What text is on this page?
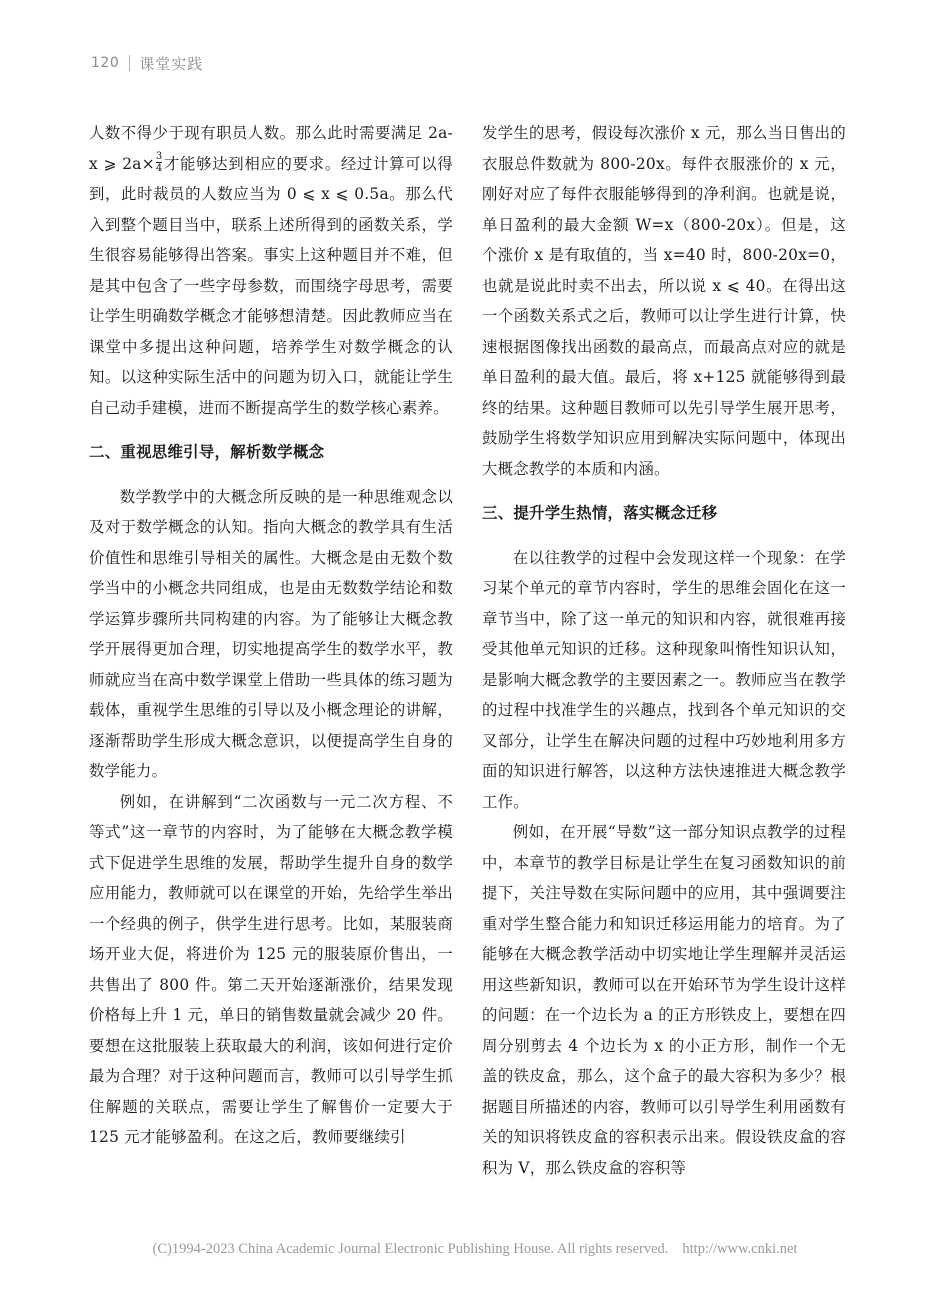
120 课堂实践

人数不得少于现有职员人数。那么此时需要满足 2a-x ⩾ $2a\times \frac{3}{4}$ 才能够达到相应的要求。经过计算可以得到，此时裁员的人数应当为 0 ⩽ x ⩽ 0.5a。那么代入到整个题目当中，联系上述所得到的函数关系，学生很容易能够得出答案。事实上这种题目并不难，但是其中包含了一些字母参数，而围绕字母思考，需要让学生明确数学概念才能够想清楚。因此教师应当在课堂中多提出这种问题，培养学生对数学概念的认知。以这种实际生活中的问题为切入口，就能让学生自己动手建模，进而不断提高学生的数学核心素养。

二、重视思维引导，解析数学概念

数学教学中的大概念所反映的是一种思维观念以及对于数学概念的认知。指向大概念的教学具有生活价值性和思维引导相关的属性。大概念是由无数个数学当中的小概念共同组成，也是由无数数学结论和数学运算步骤所共同构建的内容。为了能够让大概念教学开展得更加合理，切实地提高学生的数学水平，教师就应当在高中数学课堂上借助一些具体的练习题为载体，重视学生思维的引导以及小概念理论的讲解，逐渐帮助学生形成大概念意识，以便提高学生自身的数学能力。

例如，在讲解到“二次函数与一元二次方程、不等式”这一章节的内容时，为了能够在大概念教学模式下促进学生思维的发展，帮助学生提升自身的数学应用能力，教师就可以在课堂的开始，先给学生举出一个经典的例子，供学生进行思考。比如，某服装商场开业大促，将进价为 125 元的服装原价售出，一共售出了 800 件。第二天开始逐渐涨价，结果发现价格每上升 1 元，单日的销售数量就会减少 20 件。要想在这批服装上获取最大的利润，该如何进行定价最为合理？对于这种问题而言，教师可以引导学生抓住解题的关联点，需要让学生了解售价一定要大于 125 元才能够盈利。在这之后，教师要继续引

发学生的思考，假设每次涨价 x 元，那么当日售出的衣服总件数就为 800-20x。每件衣服涨价的 x 元，刚好对应了每件衣服能够得到的净利润。也就是说，单日盈利的最大金额 W=x（800-20x）。但是，这个涨价 x 是有取值的，当 x=40 时，800-20x=0，也就是说此时卖不出去，所以说 x ⩽ 40。在得出这一个函数关系式之后，教师可以让学生进行计算，快速根据图像找出函数的最高点，而最高点对应的就是单日盈利的最大值。最后，将 x+125 就能够得到最终的结果。这种题目教师可以先引导学生展开思考，鼓励学生将数学知识应用到解决实际问题中，体现出大概念教学的本质和内涵。

三、提升学生热情，落实概念迁移

在以往教学的过程中会发现这样一个现象：在学习某个单元的章节内容时，学生的思维会固化在这一章节当中，除了这一单元的知识和内容，就很难再接受其他单元知识的迁移。这种现象叫惰性知识认知，是影响大概念教学的主要因素之一。教师应当在教学的过程中找准学生的兴趣点，找到各个单元知识的交叉部分，让学生在解决问题的过程中巧妙地利用多方面的知识进行解答，以这种方法快速推进大概念教学工作。

例如，在开展“导数”这一部分知识点教学的过程中，本章节的教学目标是让学生在复习函数知识的前提下，关注导数在实际问题中的应用，其中强调要注重对学生整合能力和知识迁移运用能力的培育。为了能够在大概念教学活动中切实地让学生理解并灵活运用这些新知识，教师可以在开始环节为学生设计这样的问题：在一个边长为 a 的正方形铁皮上，要想在四周分别剪去 4 个边长为 x 的小正方形，制作一个无盖的铁皮盒，那么，这个盒子的最大容积为多少？根据题目所描述的内容，教师可以引导学生利用函数有关的知识将铁皮盒的容积表示出来。假设铁皮盒的容积为 V，那么铁皮盒的容积等

(C)1994-2023 China Academic Journal Electronic Publishing House. All rights reserved. http://www.cnki.net
